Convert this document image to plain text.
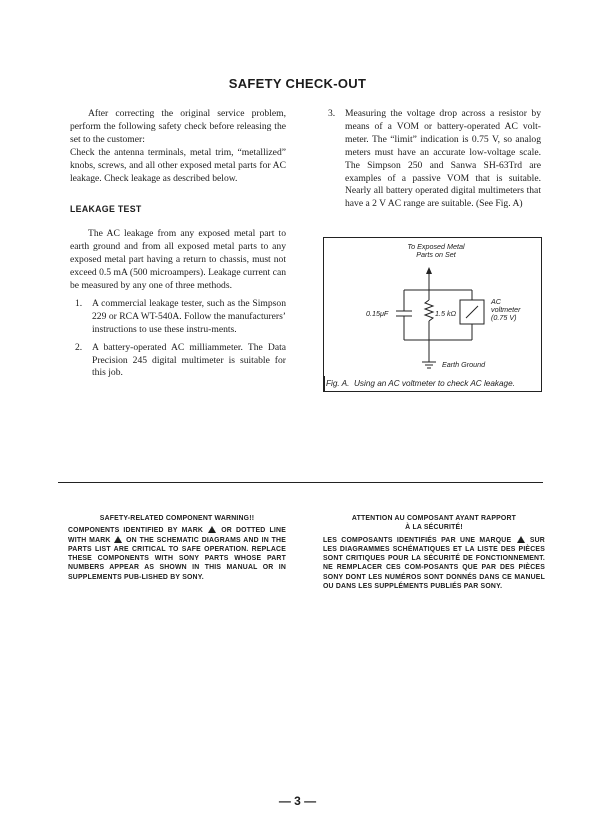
SAFETY CHECK-OUT

After correcting the original service problem, perform the following safety check before releasing the set to the customer:

Check the antenna terminals, metal trim, “metallized” knobs, screws, and all other exposed metal parts for AC leakage. Check leakage as described below.

LEAKAGE TEST

The AC leakage from any exposed metal part to earth ground and from all exposed metal parts to any exposed metal part having a return to chassis, must not exceed 0.5 mA (500 microampers). Leakage current can be measured by any one of three methods.

1. A commercial leakage tester, such as the Simpson 229 or RCA WT-540A. Follow the manufacturers’ instructions to use these instru-ments.

2. A battery-operated AC milliammeter. The Data Precision 245 digital multimeter is suitable for this job.

3. Measuring the voltage drop across a resistor by means of a VOM or battery-operated AC volt-meter. The “limit” indication is 0.75 V, so analog meters must have an accurate low-voltage scale. The Simpson 250 and Sanwa SH-63Trd are examples of a passive VOM that is suitable. Nearly all battery operated digital multimeters that have a 2 V AC range are suitable. (See Fig. A)

To Exposed Metal
Parts on Set
0.15μF	1.5 kΩ
AC
voltmeter
(0.75 V)
Earth Ground
Fig. A. Using an AC voltmeter to check AC leakage.
SAFETY-RELATED COMPONENT WARNING!!
COMPONENTS IDENTIFIED BY MARK	OR DOTTED LINE WITH MARK ON THE SCHEMATIC DIAGRAMS AND IN THE PARTS LIST ARE CRITICAL TO SAFE OPERATION. REPLACE THESE COMPONENTS WITH SONY PARTS WHOSE PART NUMBERS APPEAR AS SHOWN IN THIS MANUAL OR IN SUPPLEMENTS PUB-LISHED BY SONY.
ATTENTION AU COMPOSANT AYANT RAPPORT
À LA SÉCURITÉ!
LES COMPOSANTS IDENTIFIÉS PAR UNE MARQUE	SUR LES DIAGRAMMES SCHÉMATIQUES ET LA LISTE DES PIÈCES SONT CRITIQUES POUR LA SÉCURITÉ DE FONCTIONNEMENT. NE REMPLACER CES COM-POSANTS QUE PAR DES PIÈCES SONY DONT LES NUMÉROS SONT DONNÉS DANS CE MANUEL OU DANS LES SUPPLÉMENTS PUBLIÉS PAR SONY.
— 3 —
